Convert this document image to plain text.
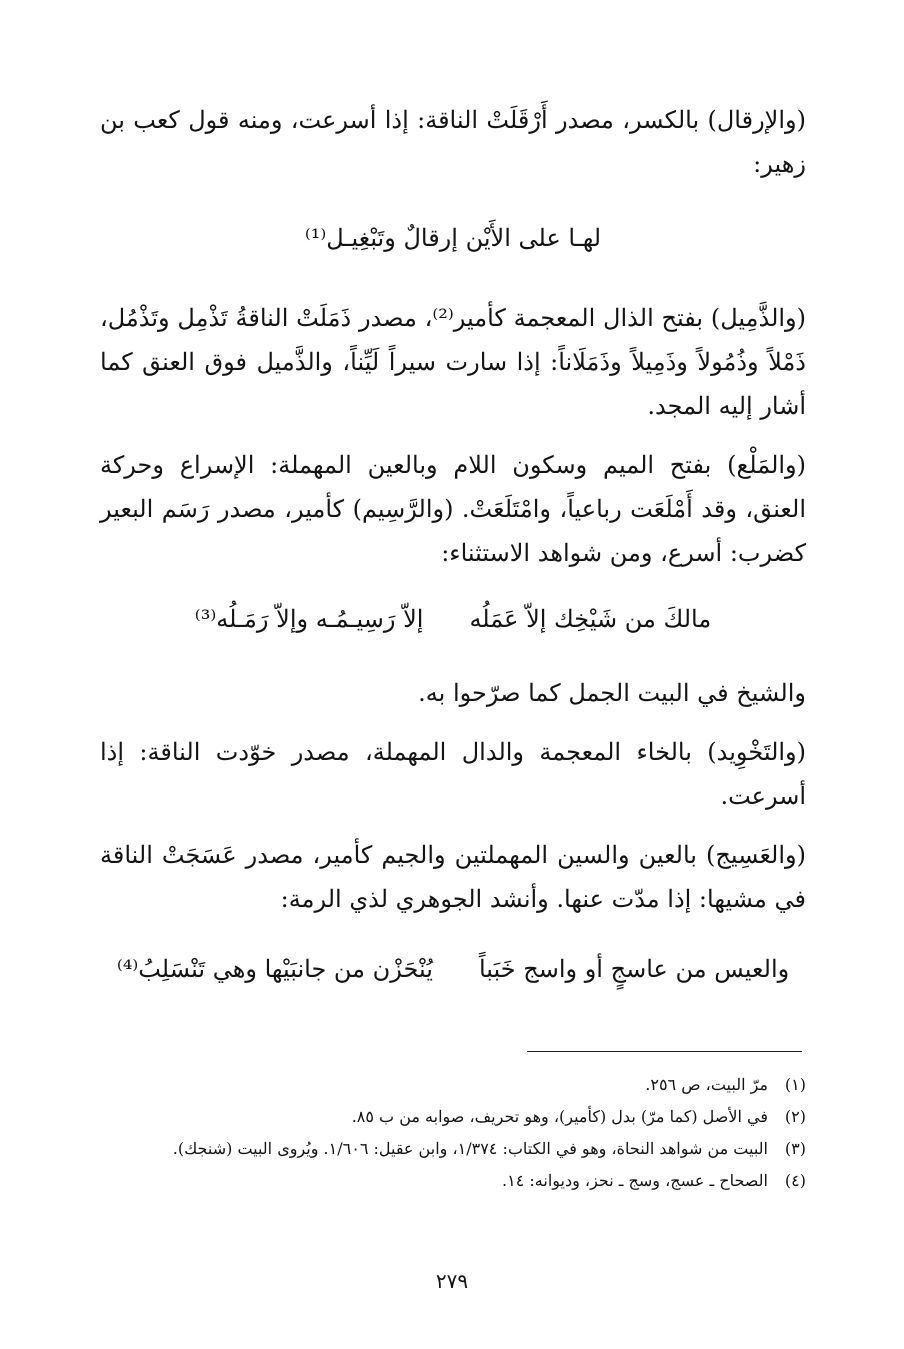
(والإرقال) بالكسر، مصدر أَرْقَلَتْ الناقة: إذا أسرعت، ومنه قول كعب بن زهير:

لهـا على الأَيْن إرقالٌ وتَبْغِيـل⁽¹⁾

(والذَّمِيل) بفتح الذال المعجمة كأمير⁽²⁾، مصدر ذَمَلَتْ الناقةُ تَذْمِل وتَذْمُل، ذَمْلاً وذُمُولاً وذَمِيلاً وذَمَلَاناً: إذا سارت سيراً لَيِّناً، والذَّميل فوق العنق كما أشار إليه المجد.

(والمَلْع) بفتح الميم وسكون اللام وبالعين المهملة: الإسراع وحركة العنق، وقد أَمْلَعَت رباعياً، وامْتَلَعَتْ. (والرَّسِيم) كأمير، مصدر رَسَم البعير كضرب: أسرع، ومن شواهد الاستثناء:

مالكَ من شَيْخِك إلاّ عَمَلُه
إلاّ رَسِيـمُـه وإلاّ رَمَـلُه⁽³⁾

والشيخ في البيت الجمل كما صرّحوا به.

(والتَخْوِيد) بالخاء المعجمة والدال المهملة، مصدر خوّدت الناقة: إذا أسرعت.

(والعَسِيج) بالعين والسين المهملتين والجيم كأمير، مصدر عَسَجَتْ الناقة في مشيها: إذا مدّت عنها. وأنشد الجوهري لذي الرمة:

والعيس من عاسجٍ أو واسج خَبَباً
يُنْحَزْن من جانبَيْها وهي تَنْسَلِبُ⁽⁴⁾
(١)
مرّ البيت، ص ٢٥٦.
(٢)
في الأصل (كما مرّ) بدل (كأمير)، وهو تحريف، صوابه من ب ٨٥.
(٣)
البيت من شواهد النحاة، وهو في الكتاب: ١/٣٧٤، وابن عقيل: ١/٦٠٦. ويُروى البيت (شنجك).
(٤)
الصحاح ـ عسج، وسج ـ نحز، وديوانه: ١٤.
٢٧٩
